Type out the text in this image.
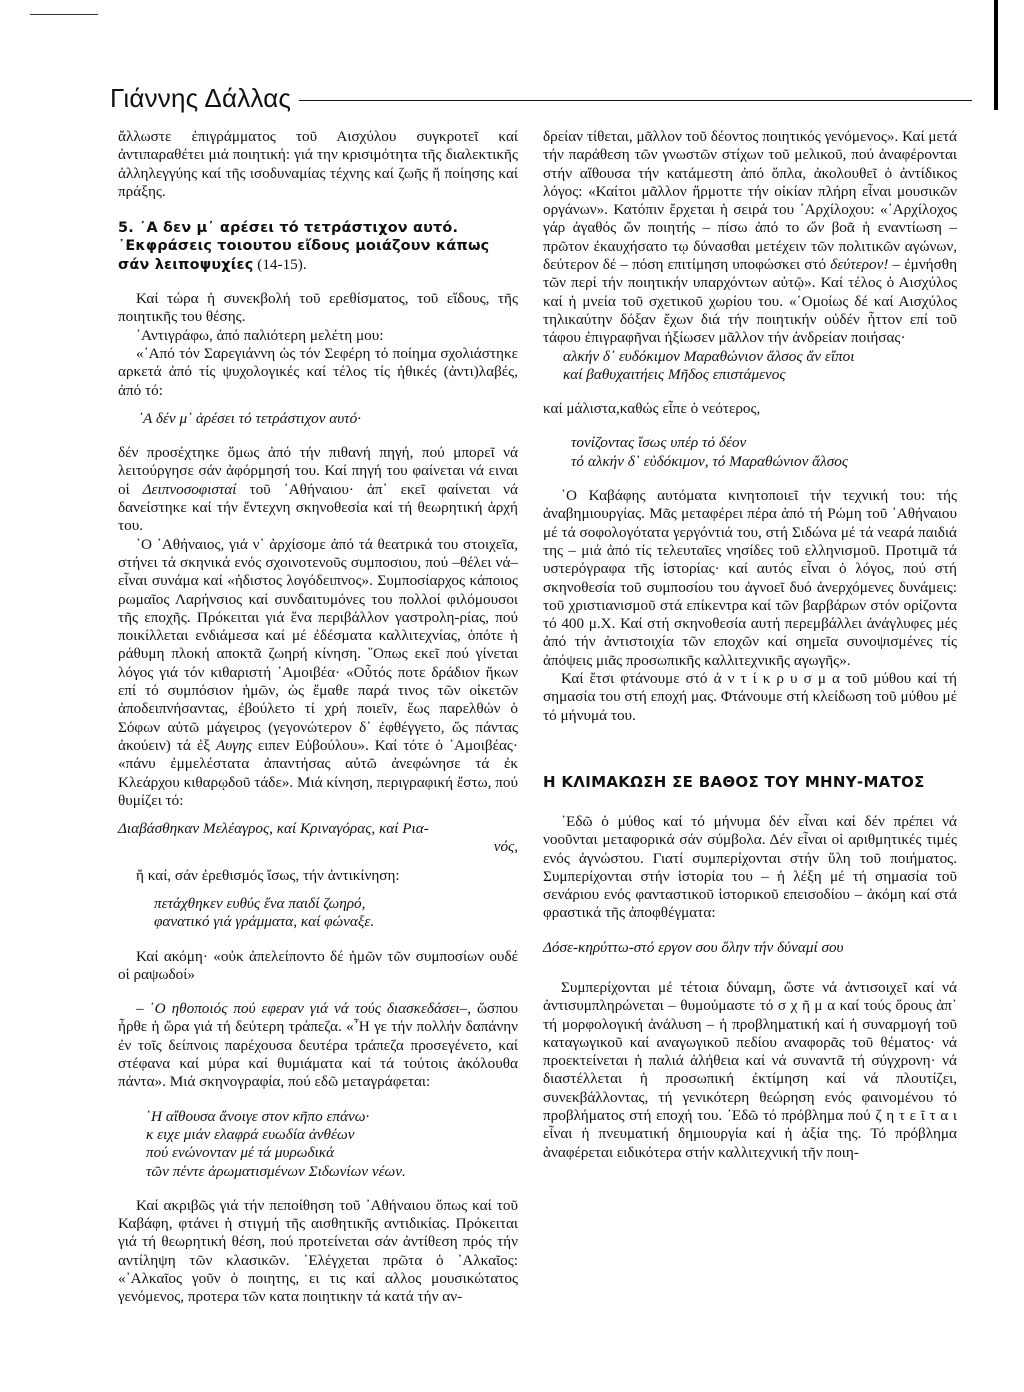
Γιάννης Δάλλας

ἄλλωστε ἐπιγράμματος τοῦ Αισχύλου συγκροτεῖ καί ἀντιπαραθέτει μιά ποιητική: γιά την κρισιμότητα τῆς διαλεκτικῆς ἀλληλεγγύης καί τῆς ισοδυναμίας τέχνης καί ζωῆς ἤ ποίησης καί πράξης.

5. ᾿Α δεν μ᾿ αρέσει τό τετράστιχον αυτό.
᾿Εκφράσεις τοιουτου εἴδους μοιάζουν κάπως
σάν λειποψυχίες (14-15).

Καί τώρα ἡ συνεκβολή τοῦ ερεθίσματος, τοῦ εἴδους, τῆς ποιητικῆς του θέσης.

᾿Αντιγράφω, ἀπό παλιότερη μελέτη μου:

«᾿Από τόν Σαρεγιάννη ὡς τόν Σεφέρη τό ποίημα σχολιάστηκε αρκετά ἀπό τίς ψυχολογικές καί τέλος τίς ἠθικές (ἀντι)λαβές, ἀπό τό:

᾿Α δέν μ᾿ ἀρέσει τό τετράστιχον αυτό·

δέν προσέχτηκε ὅμως ἀπό τήν πιθανή πηγή, πού μπορεῖ νά λειτούργησε σάν ἀφόρμησή του. Καί πηγή του φαίνεται νά ειναι οἱ Δειπνοσοφισταί τοῦ ᾿Αθήναιου· ἀπ᾿ εκεῖ φαίνεται νά δανείστηκε καί τήν ἔντεχνη σκηνοθεσία καί τή θεωρητική ἀρχή του.

῾Ο ᾿Αθήναιος, γιά ν᾿ ἀρχίσομε ἀπό τά θεατρικά του στοιχεῖα, στήνει τά σκηνικά ενός σχοινοτενοῦς συμποσιου, πού –θέλει νά– εἶναι συνάμα καί «ἡδιστος λογόδειπνος». Συμποσίαρχος κάποιος ρωμαῖος Λαρήνσιος καί συνδαιτυμόνες του πολλοί φιλόμουσοι τῆς εποχῆς. Πρόκειται γιά ἕνα περιβάλλον γαστρολη-ρίας, πού ποικίλλεται ενδιάμεσα καί μέ ἐδέσματα καλλιτεχνίας, ὁπότε ἡ ράθυμη πλοκή αποκτᾶ ζωηρή κίνηση. ῞Οπως εκεῖ πού γίνεται λόγος γιά τόν κιθαριστή ᾿Αμοιβέα· «Οὗτός ποτε δράδιον ἥκων επί τό συμπόσιον ἡμῶν, ὡς ἔμαθε παρά τινος τῶν οἰκετῶν ἀποδειπνήσαντας, ἐβούλετο τί χρή ποιεῖν, ἕως παρελθών ὁ Σόφων αὐτῶ μάγειρος (γεγονώτερον δ᾿ ἐφθέγγετο, ὥς πάντας ἀκούειν) τά ἐξ Αυγης ειπεν Εὐβούλου». Καί τότε ὁ ᾿Αμοιβέας· «πάνυ ἐμμελέστατα ἀπαντήσας αὐτῶ ἀνεφώνησε τά ἐκ Κλεάρχου κιθαρῳδοῦ τάδε». Μιά κίνηση, περιγραφική ἔστω, πού θυμίζει τό:

Διαβάσθηκαν Μελέαγρος, καί Κριναγόρας, καί Ρια-

νός,

ἤ καί, σάν ἐρεθισμός ἴσως, τήν ἀντικίνηση:

πετάχθηκεν ευθύς ἕνα παιδί ζωηρό,
φανατικό γιά γράμματα, καί φώναξε.

Καί ακόμη· «οὐκ ἀπελείποντο δέ ἡμῶν τῶν συμποσίων ουδέ οἱ ραψωδοί»

– ῾Ο ηθοποιός πού εφεραν γιά νά τούς διασκεδάσει–, ὥσπου ἦρθε ἡ ὥρα γιά τή δεύτερη τράπεζα. «῏Η γε τήν πολλήν δαπάνην ἐν τοῖς δείπνοις παρέχουσα δευτέρα τράπεζα προσεγένετο, καί στέφανα καί μύρα καί θυμιάματα καί τά τούτοις ἀκόλουθα πάντα». Μιά σκηνογραφία, πού εδῶ μεταγράφεται:

῾Η αἴθουσα ἄνοιγε στον κῆπο επάνω·
κ ειχε μιάν ελαφρά ευωδία ἀνθέων
πού ενώνονταν μέ τά μυρωδικά
τῶν πέντε ἀρωματισμένων Σιδωνίων νέων.

Καί ακριβῶς γιά τήν πεποίθηση τοῦ ᾿Αθήναιου ὅπως καί τοῦ Καβάφη, φτάνει ἡ στιγμή τῆς αισθητικῆς αντιδικίας. Πρόκειται γιά τή θεωρητική θέση, πού προτείνεται σάν ἀντίθεση πρός τήν αντίληψη τῶν κλασικῶν. ᾿Ελέγχεται πρῶτα ὁ ᾿Αλκαῖος: «᾿Αλκαῖος γοῦν ὁ ποιητης, ει τις καί αλλος μουσικώτατος γενόμενος, προτερα τῶν κατα ποιητικην τά κατά τήν αν-

δρείαν τίθεται, μᾶλλον τοῦ δέοντος ποιητικός γενόμενος». Καί μετά τήν παράθεση τῶν γνωστῶν στίχων τοῦ μελικοῦ, πού ἀναφέρονται στήν αἴθουσα τήν κατάμεστη ἀπό ὅπλα, ἀκολουθεῖ ὁ ἀντίδικος λόγος: «Καίτοι μᾶλλον ἥρμοττε τήν οἰκίαν πλήρη εἶναι μουσικῶν οργάνων». Κατόπιν ἔρχεται ἡ σειρά του ᾿Αρχίλοχου: «᾿Αρχίλοχος γάρ ἀγαθός ὤν ποιητής – πίσω ἀπό το ὤν βοᾶ ἡ εναντίωση – πρῶτον ἐκαυχήσατο τῳ δύνασθαι μετέχειν τῶν πολιτικῶν αγώνων, δεύτερον δέ – πόση επιτίμηση υποφώσκει στό δεύτερον! – ἐμνήσθη τῶν περί τήν ποιητικήν υπαρχόντων αὐτῷ». Καί τέλος ὁ Αισχύλος καί ἡ μνεία τοῦ σχετικοῦ χωρίου του. «῾Ομοίως δέ καί Αισχύλος τηλικαύτην δόξαν ἔχων διά τήν ποιητικήν οὐδέν ἧττον επί τοῦ τάφου ἐπιγραφῆναι ἠξίωσεν μᾶλλον τήν ἀνδρείαν ποιήσας·

αλκήν δ᾿ ευδόκιμον Μαραθώνιον ἄλσος ἄν εἴποι
καί βαθυχαιτήεις Μῆδος επιστάμενος

καί μάλιστα,καθώς εἶπε ὁ νεότερος,

τονίζοντας ἴσως υπέρ τό δέον
τό αλκήν δ᾿ εὐδόκιμον, τό Μαραθώνιον ἄλσος

῾Ο Καβάφης αυτόματα κινητοποιεῖ τήν τεχνική του: τής ἀναβημιουργίας. Μᾶς μεταφέρει πέρα ἀπό τή Ρώμη τοῦ ᾿Αθήναιου μέ τά σοφολογότατα γεργόντιά του, στή Σιδώνα μέ τά νεαρά παιδιά της – μιά ἀπό τίς τελευταῖες νησίδες τοῦ ελληνισμοῦ. Προτιμᾶ τά υστερόγραφα τῆς ἱστορίας· καί αυτός εἶναι ὁ λόγος, πού στή σκηνοθεσία τοῦ συμποσίου του ἀγνοεῖ δυό ἀνερχόμενες δυνάμεις: τοῦ χριστιανισμοῦ στά επίκεντρα καί τῶν βαρβάρων στόν ορίζοντα τό 400 μ.Χ. Καί στή σκηνοθεσία αυτή περεμβάλλει ἀνάγλυφες μές ἀπό τήν ἀντιστοιχία τῶν εποχῶν καί σημεῖα συνοψισμένες τίς ἀπόψεις μιᾶς προσωπικῆς καλλιτεχνικῆς αγωγῆς».

Καί ἔτσι φτάνουμε στό ἀ ν τ ί κ ρ υ σ μ α τοῦ μύθου καί τή σημασία του στή εποχή μας. Φτάνουμε στή κλείδωση τοῦ μύθου μέ τό μήνυμά του.

Η ΚΛΙΜΑΚΩΣΗ ΣΕ ΒΑΘΟΣ ΤΟΥ ΜΗΝΥ-ΜΑΤΟΣ

᾿Εδῶ ὁ μύθος καί τό μήνυμα δέν εἶναι καί δέν πρέπει νά νοοῦνται μεταφορικά σάν σύμβολα. Δέν εἶναι οἱ αριθμητικές τιμές ενός ἀγνώστου. Γιατί συμπερίχονται στήν ὕλη τοῦ ποιήματος. Συμπερίχονται στήν ἱστορία του – ἡ λέξη μέ τή σημασία τοῦ σενάριου ενός φανταστικοῦ ἱστορικοῦ επεισοδίου – ἀκόμη καί στά φραστικά τῆς ἀποφθέγματα:

Δόσε-κηρύττω-στό εργον σου ὅλην τήν δύναμί σου

Συμπερίχονται μέ τέτοια δύναμη, ὥστε νά ἀντισοιχεῖ καί νά ἀντισυμπληρώνεται – θυμούμαστε τό σ χ ῆ μ α καί τούς ὅρους ἀπ᾿ τή μορφολογική ἀνάλυση – ἡ προβληματική καί ἡ συναρμογή τοῦ καταγωγικοῦ καί αναγωγικοῦ πεδίου αναφορᾶς τοῦ θέματος· νά προεκτείνεται ἡ παλιά ἀλήθεια καί νά συναντᾶ τή σύγχρονη· νά διαστέλλεται ἡ προσωπική ἐκτίμηση καί νά πλουτίζει, συνεκβάλλοντας, τή γενικότερη θεώρηση ενός φαινομένου τό προβλήματος στή εποχή του. ᾿Εδῶ τό πρόβλημα πού ζ η τ ε ῖ τ α ι εἶναι ἡ πνευματική δημιουργία καί ἡ ἀξία της. Τό πρόβλημα ἀναφέρεται ειδικότερα στήν καλλιτεχνική τῆν ποιη-
